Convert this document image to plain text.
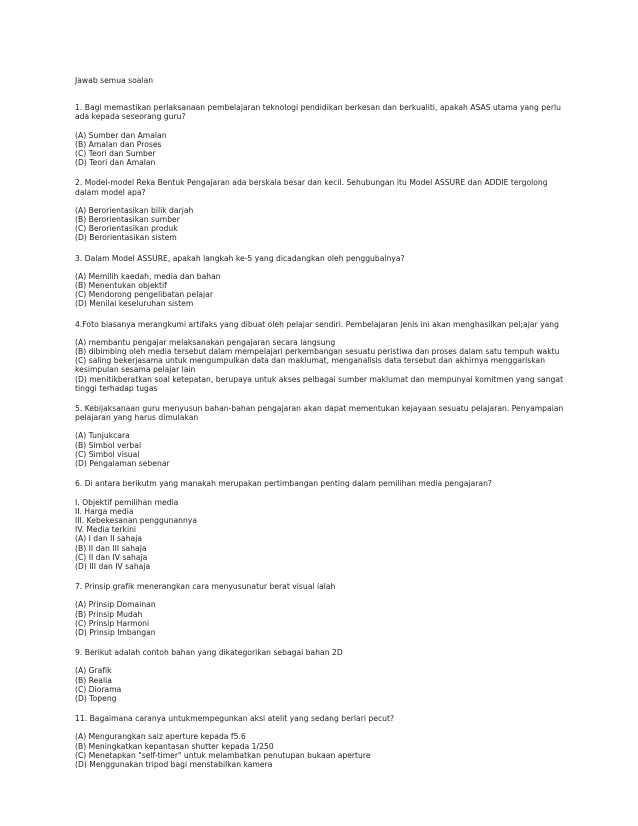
Jawab semua soalan

1. Bagi memastikan perlaksanaan pembelajaran teknologi pendidikan berkesan dan berkualiti, apakah ASAS utama yang perlu ada kepada seseorang guru?

(A) Sumber dan Amalan

(B) Amalan dan Proses

(C) Teori dan Sumber

(D) Teori dan Amalan

2. Model-model Reka Bentuk Pengajaran ada berskala besar dan kecil. Sehubungan itu Model ASSURE dan ADDIE tergolong dalam model apa?

(A) Berorientasikan bilik darjah

(B) Berorientasikan sumber

(C) Berorientasikan produk

(D) Berorientasikan sistem

3. Dalam Model ASSURE, apakah langkah ke-5 yang dicadangkan oleh penggubalnya?

(A) Memilih kaedah, media dan bahan

(B) Menentukan objektif

(C) Mendorong pengelibatan pelajar

(D) Menilai keseluruhan sistem

4.Foto biasanya merangkumi artifaks yang dibuat oleh pelajar sendiri. Pembelajaran jenis ini akan menghasilkan pel;ajar yang

(A) membantu pengajar melaksanakan pengajaran secara langsung

(B) dibimbing oleh media tersebut dalam mempelajari perkembangan sesuatu peristiwa dan proses dalam satu tempuh waktu

(C) saling bekerjasama untuk mengumpulkan data dan maklumat, menganalisis data tersebut dan akhirnya menggariskan kesimpulan sesama pelajar lain

(D) menitikberatkan soal ketepatan, berupaya untuk akses pelbagai sumber maklumat dan mempunyai komitmen yang sangat tinggi terhadap tugas

5. Kebijaksanaan guru menyusun bahan-bahan pengajaran akan dapat mementukan kejayaan sesuatu pelajaran. Penyampaian pelajaran yang harus dimulakan

(A) Tunjukcara

(B) Simbol verbal

(C) Simbol visual

(D) Pengalaman sebenar

6. Di antara berikutm yang manakah merupakan pertimbangan penting dalam pemilihan media pengajaran?

I. Objektif pemilihan media

II. Harga media

III. Kebekesanan penggunannya

IV. Media terkini

(A) I dan II sahaja

(B) II dan III sahaja

(C) II dan IV sahaja

(D) III dan IV sahaja

7. Prinsip grafik menerangkan cara menyusunatur berat visual ialah

(A) Prinsip Domainan

(B) Prinsip Mudah

(C) Prinsip Harmoni

(D) Prinsip Imbangan

9. Berikut adalah contoh bahan yang dikategorikan sebagai bahan 2D

(A) Grafik

(B) Realia

(C) Diorama

(D) Topeng

11. Bagaimana caranya untukmempegunkan aksi atelit yang sedang berlari pecut?

(A) Mengurangkan saiz aperture kepada f5.6

(B) Meningkatkan kepantasan shutter kepada 1/250

(C) Menetapkan "self-timer" untuk melambatkan penutupan bukaan aperture

(D) Menggunakan tripod bagi menstabilkan kamera
